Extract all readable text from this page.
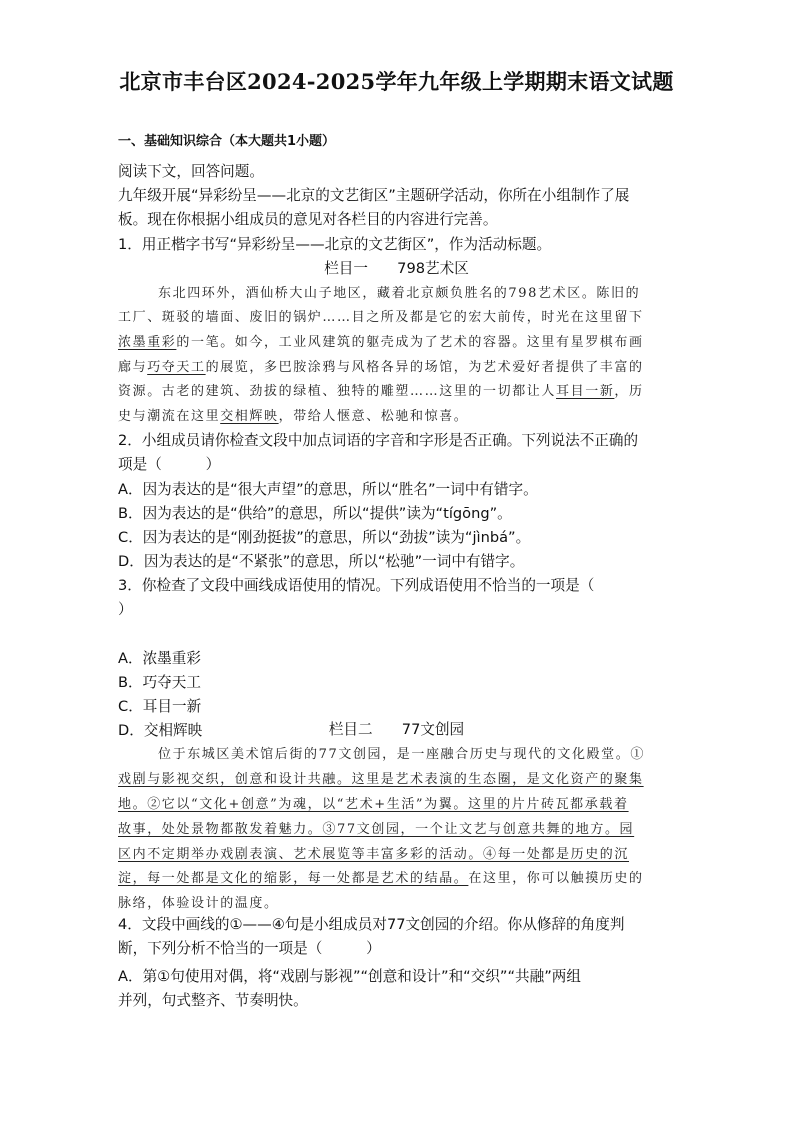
北京市丰台区2024-2025学年九年级上学期期末语文试题
一、基础知识综合（本大题共1小题）
阅读下文，回答问题。
九年级开展“异彩纷呈——北京的文艺街区”主题研学活动，你所在小组制作了展
板。现在你根据小组成员的意见对各栏目的内容进行完善。
1．用正楷字书写“异彩纷呈——北京的文艺街区”，作为活动标题。
栏目一　　798艺术区
东北四环外，酒仙桥大山子地区，藏着北京颇负胜名的798艺术区。陈旧的
工厂、斑驳的墙面、废旧的锅炉……目之所及都是它的宏大前传，时光在这里留下
浓墨重彩的一笔。如今，工业风建筑的躯壳成为了艺术的容器。这里有星罗棋布画
廊与巧夺天工的展览，多巴胺涂鸦与风格各异的场馆，为艺术爱好者提供了丰富的
资源。古老的建筑、劲拔的绿植、独特的雕塑……这里的一切都让人耳目一新，历
史与潮流在这里交相辉映，带给人惬意、松驰和惊喜。
2．小组成员请你检查文段中加点词语的字音和字形是否正确。下列说法不正确的
项是（　　　）
A．因为表达的是“很大声望”的意思，所以“胜名”一词中有错字。
B．因为表达的是“供给”的意思，所以“提供”读为“tígōng”。
C．因为表达的是“刚劲挺拔”的意思，所以“劲拔”读为“jìnbá”。
D．因为表达的是“不紧张”的意思，所以“松驰”一词中有错字。
3．你检查了文段中画线成语使用的情况。下列成语使用不恰当的一项是（
）
A．浓墨重彩
B．巧夺天工
C．耳目一新
D．交相辉映	栏目二　　77文创园
位于东城区美术馆后街的77文创园，是一座融合历史与现代的文化殿堂。①
戏剧与影视交织，创意和设计共融。这里是艺术表演的生态圈，是文化资产的聚集
地。②它以“文化+创意”为魂，以“艺术+生活”为翼。这里的片片砖瓦都承载着
故事，处处景物都散发着魅力。③77文创园，一个让文艺与创意共舞的地方。园
区内不定期举办戏剧表演、艺术展览等丰富多彩的活动。④每一处都是历史的沉
淀，每一处都是文化的缩影，每一处都是艺术的结晶。在这里，你可以触摸历史的
脉络，体验设计的温度。
4．文段中画线的①——④句是小组成员对77文创园的介绍。你从修辞的角度判
断，下列分析不恰当的一项是（　　　）
A．第①句使用对偶，将“戏剧与影视”“创意和设计”和“交织”“共融”两组
并列，句式整齐、节奏明快。
